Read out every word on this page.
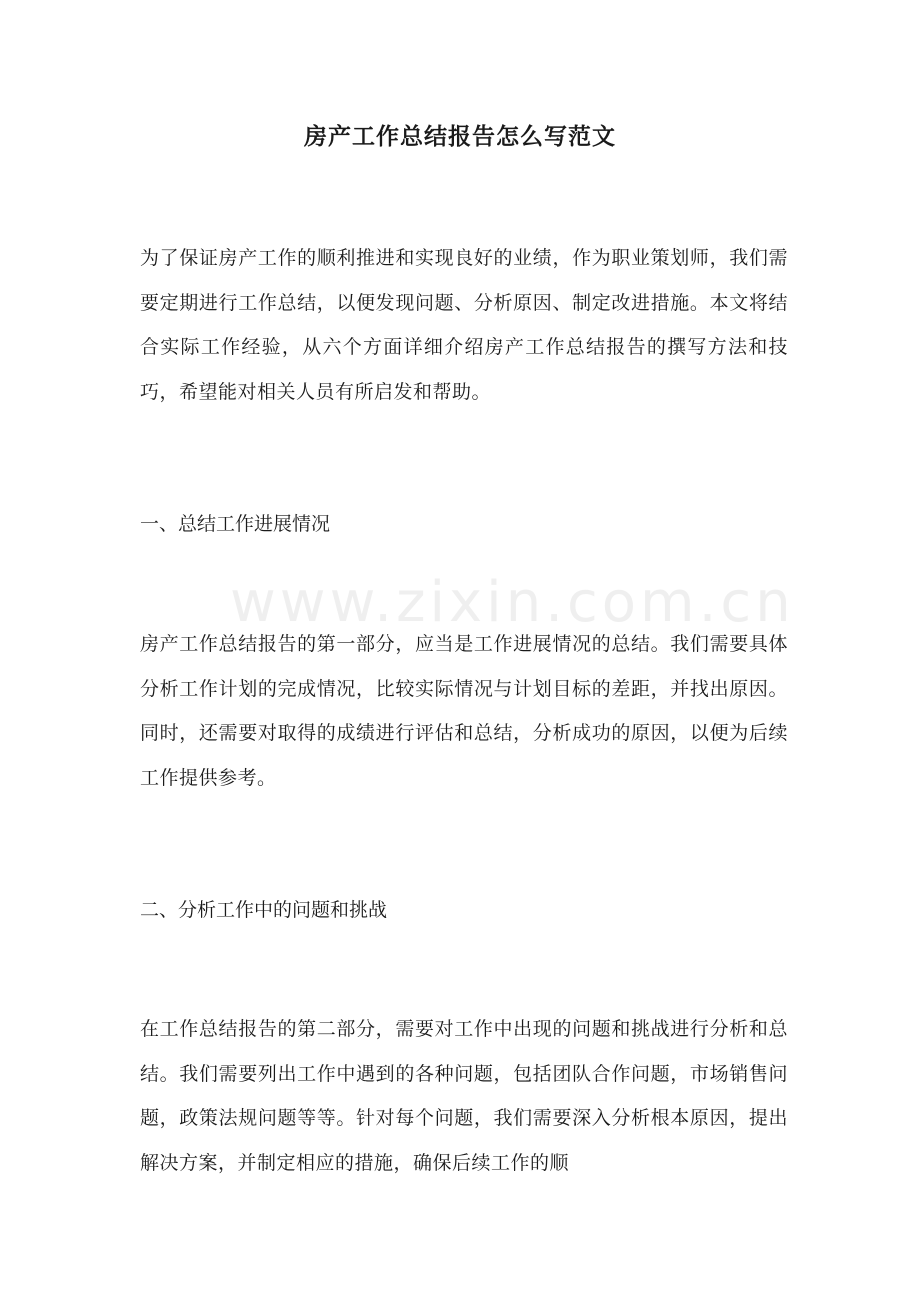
www.zixin.com.cn
房产工作总结报告怎么写范文

为了保证房产工作的顺利推进和实现良好的业绩，作为职业策划师，我们需要定期进行工作总结，以便发现问题、分析原因、制定改进措施。本文将结合实际工作经验，从六个方面详细介绍房产工作总结报告的撰写方法和技巧，希望能对相关人员有所启发和帮助。

一、总结工作进展情况

房产工作总结报告的第一部分，应当是工作进展情况的总结。我们需要具体分析工作计划的完成情况，比较实际情况与计划目标的差距，并找出原因。同时，还需要对取得的成绩进行评估和总结，分析成功的原因，以便为后续工作提供参考。

二、分析工作中的问题和挑战

在工作总结报告的第二部分，需要对工作中出现的问题和挑战进行分析和总结。我们需要列出工作中遇到的各种问题，包括团队合作问题，市场销售问题，政策法规问题等等。针对每个问题，我们需要深入分析根本原因，提出解决方案，并制定相应的措施，确保后续工作的顺
